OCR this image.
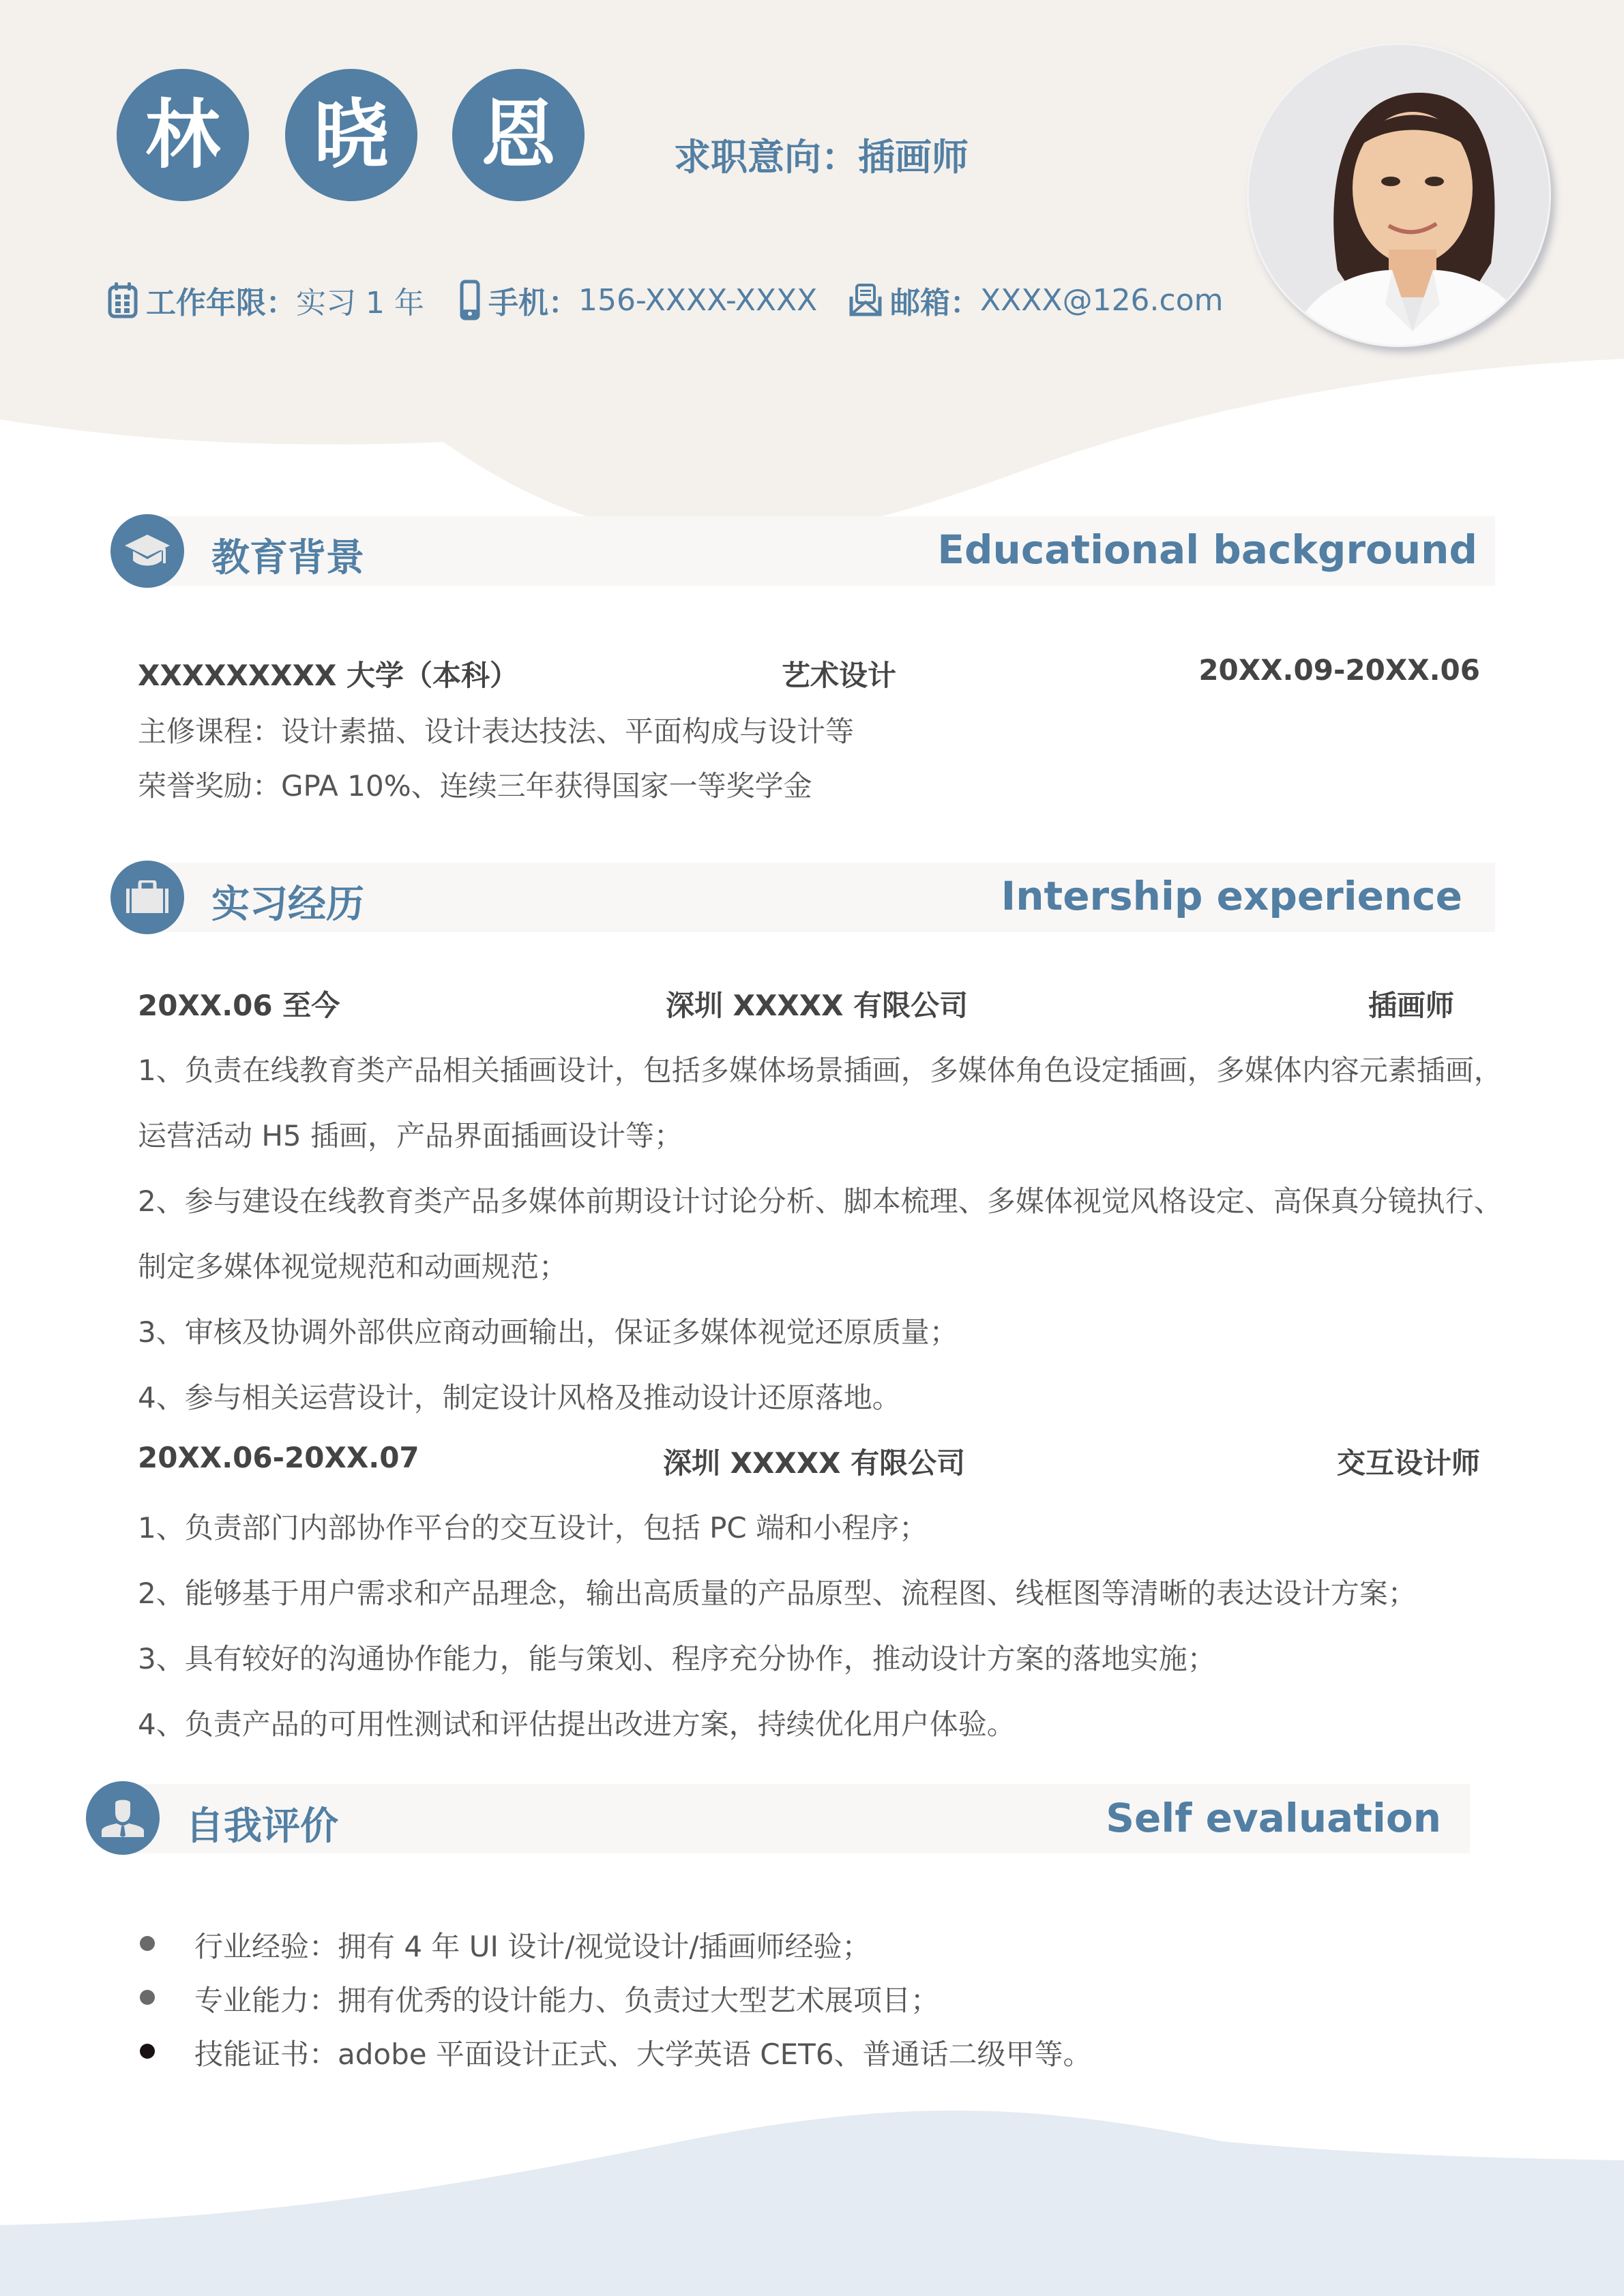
林	晓	恩	求职意向：插画师
工作年限： 实习 1 年 手机： 156-XXXX-XXXX 邮箱： XXXX@126.com
教育背景	Educational background
XXXXXXXXX 大学（本科）	艺术设计	20XX.09-20XX.06
主修课程：设计素描、设计表达技法、平面构成与设计等
荣誉奖励：GPA 10%、连续三年获得国家一等奖学金
实习经历	Intership experience
20XX.06 至今	深圳 XXXXX 有限公司	插画师
1、负责在线教育类产品相关插画设计，包括多媒体场景插画，多媒体角色设定插画，多媒体内容元素插画，
运营活动 H5 插画，产品界面插画设计等；
2、参与建设在线教育类产品多媒体前期设计讨论分析、脚本梳理、多媒体视觉风格设定、高保真分镜执行、
制定多媒体视觉规范和动画规范；
3、审核及协调外部供应商动画输出，保证多媒体视觉还原质量；
4、参与相关运营设计，制定设计风格及推动设计还原落地。
20XX.06-20XX.07	深圳 XXXXX 有限公司	交互设计师
1、负责部门内部协作平台的交互设计，包括 PC 端和小程序；
2、能够基于用户需求和产品理念，输出高质量的产品原型、流程图、线框图等清晰的表达设计方案；
3、具有较好的沟通协作能力，能与策划、程序充分协作，推动设计方案的落地实施；
4、负责产品的可用性测试和评估提出改进方案，持续优化用户体验。
自我评价	Self evaluation
行业经验：拥有 4 年 UI 设计/视觉设计/插画师经验；
专业能力：拥有优秀的设计能力、负责过大型艺术展项目；
技能证书：adobe 平面设计正式、大学英语 CET6、普通话二级甲等。
